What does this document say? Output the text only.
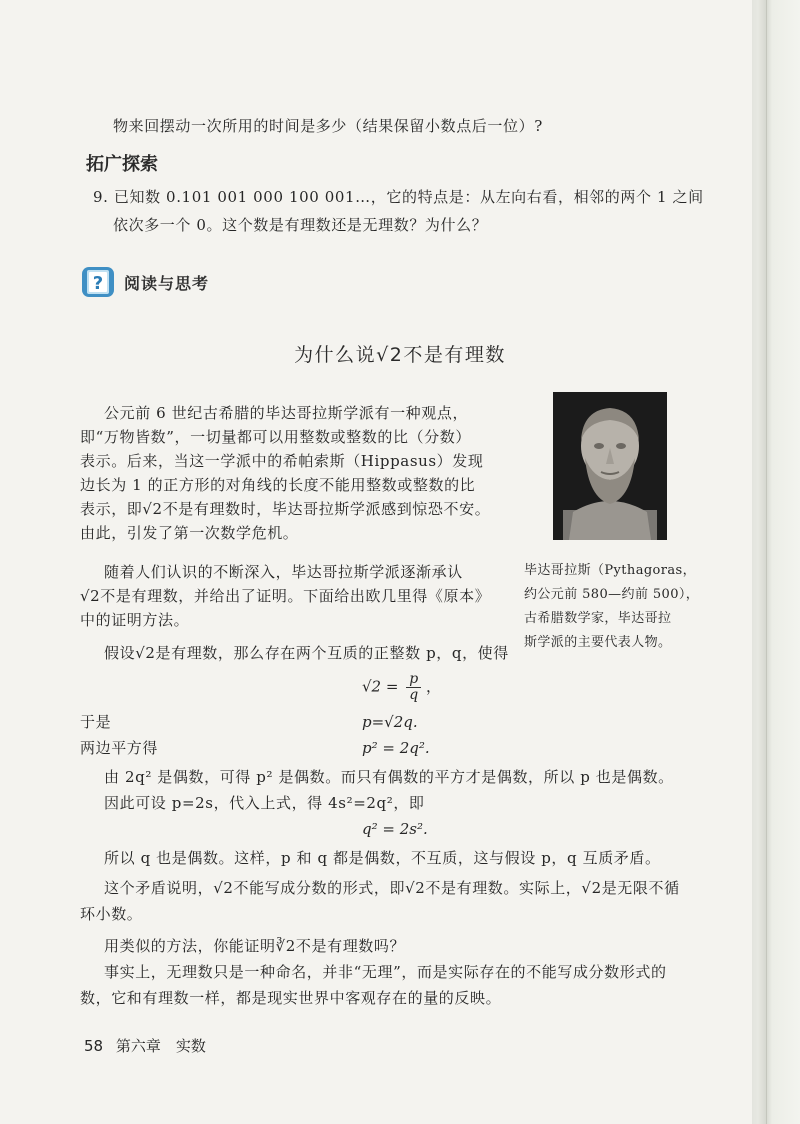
物来回摆动一次所用的时间是多少（结果保留小数点后一位）?
拓广探索
9. 已知数 0.101 001 000 100 001…，它的特点是：从左向右看，相邻的两个 1 之间
依次多一个 0。这个数是有理数还是无理数？为什么？
? 阅读与思考
为什么说√2不是有理数
公元前 6 世纪古希腊的毕达哥拉斯学派有一种观点，
即“万物皆数”，一切量都可以用整数或整数的比（分数）
表示。后来，当这一学派中的希帕索斯（Hippasus）发现
边长为 1 的正方形的对角线的长度不能用整数或整数的比
表示，即√2不是有理数时，毕达哥拉斯学派感到惊恐不安。
由此，引发了第一次数学危机。
毕达哥拉斯（Pythagoras，
约公元前 580—约前 500），
古希腊数学家，毕达哥拉
斯学派的主要代表人物。
随着人们认识的不断深入，毕达哥拉斯学派逐渐承认
√2不是有理数，并给出了证明。下面给出欧几里得《原本》
中的证明方法。
假设√2是有理数，那么存在两个互质的正整数 p，q，使得
$√2 = \frac{p}{q}$ ，
于是	p=√2q.
两边平方得	p² = 2q².
由 2q² 是偶数，可得 p² 是偶数。而只有偶数的平方才是偶数，所以 p 也是偶数。
因此可设 p=2s，代入上式，得 4s²=2q²，即
q² = 2s².
所以 q 也是偶数。这样，p 和 q 都是偶数，不互质，这与假设 p，q 互质矛盾。
这个矛盾说明，√2不能写成分数的形式，即√2不是有理数。实际上，√2是无限不循
环小数。
用类似的方法，你能证明∛2不是有理数吗？
事实上，无理数只是一种命名，并非“无理”，而是实际存在的不能写成分数形式的
数，它和有理数一样，都是现实世界中客观存在的量的反映。
58 第六章　实数
